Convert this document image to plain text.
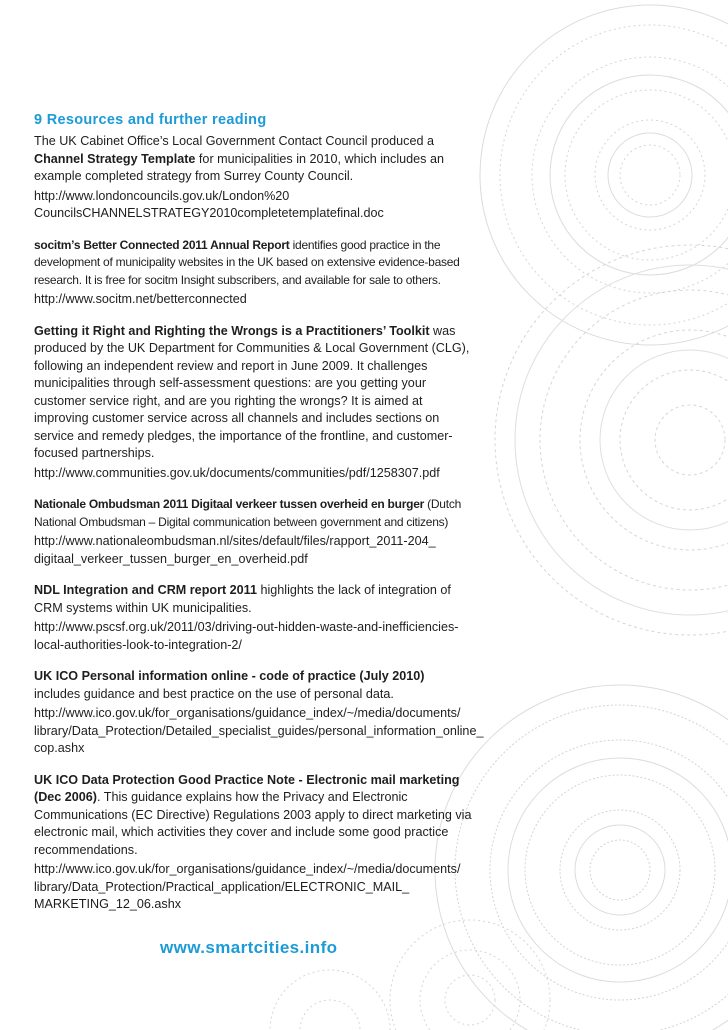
9 Resources and further reading

The UK Cabinet Office’s Local Government Contact Council produced a Channel Strategy Template for municipalities in 2010, which includes an example completed strategy from Surrey County Council.

http://www.londoncouncils.gov.uk/London%20
CouncilsCHANNELSTRATEGY2010completetemplatefinal.doc

socitm’s Better Connected 2011 Annual Report identifies good practice in the development of municipality websites in the UK based on extensive evidence-based research. It is free for socitm Insight subscribers, and available for sale to others.

http://www.socitm.net/betterconnected

Getting it Right and Righting the Wrongs is a Practitioners’ Toolkit was produced by the UK Department for Communities & Local Government (CLG), following an independent review and report in June 2009. It challenges municipalities through self-assessment questions: are you getting your customer service right, and are you righting the wrongs? It is aimed at improving customer service across all channels and includes sections on service and remedy pledges, the importance of the frontline, and customer-focused partnerships.

http://www.communities.gov.uk/documents/communities/pdf/1258307.pdf

Nationale Ombudsman 2011 Digitaal verkeer tussen overheid en burger (Dutch National Ombudsman – Digital communication between government and citizens)

http://www.nationaleombudsman.nl/sites/default/files/rapport_2011-204_
digitaal_verkeer_tussen_burger_en_overheid.pdf

NDL Integration and CRM report 2011 highlights the lack of integration of CRM systems within UK municipalities.

http://www.pscsf.org.uk/2011/03/driving-out-hidden-waste-and-inefficiencies-
local-authorities-look-to-integration-2/

UK ICO Personal information online - code of practice (July 2010) includes guidance and best practice on the use of personal data.

http://www.ico.gov.uk/for_organisations/guidance_index/~/media/documents/
library/Data_Protection/Detailed_specialist_guides/personal_information_online_
cop.ashx

UK ICO Data Protection Good Practice Note - Electronic mail marketing (Dec 2006). This guidance explains how the Privacy and Electronic Communications (EC Directive) Regulations 2003 apply to direct marketing via electronic mail, which activities they cover and include some good practice recommendations.

http://www.ico.gov.uk/for_organisations/guidance_index/~/media/documents/
library/Data_Protection/Practical_application/ELECTRONIC_MAIL_
MARKETING_12_06.ashx
www.smartcities.info
